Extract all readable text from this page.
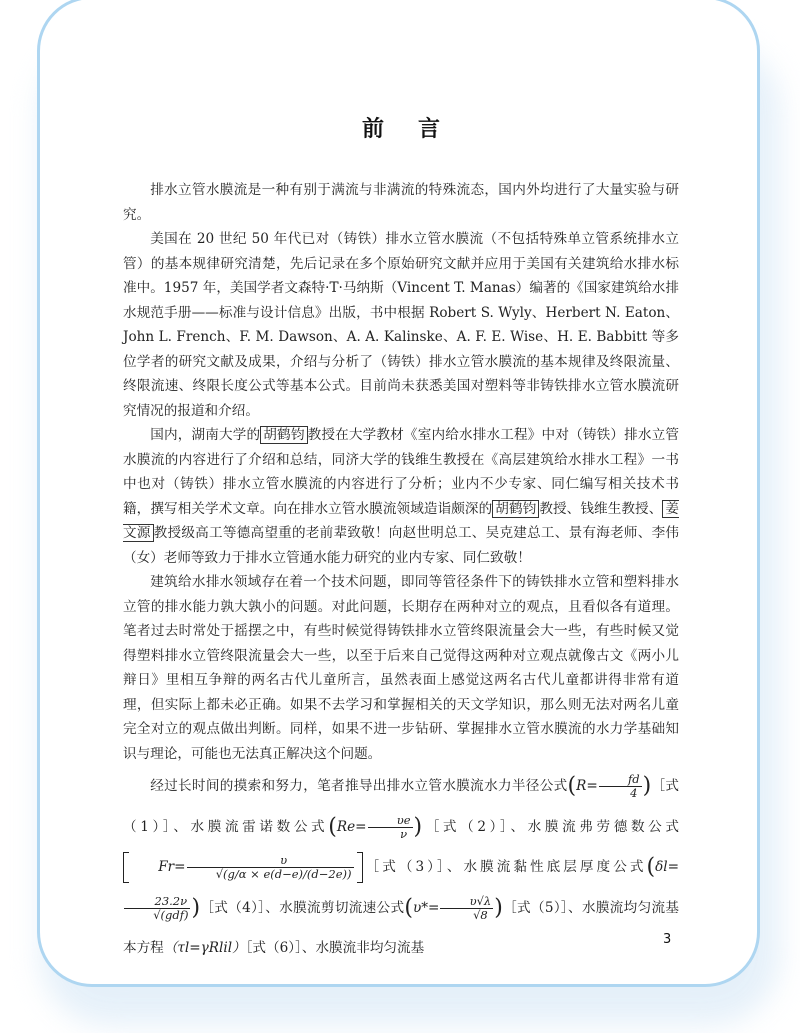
前言

排水立管水膜流是一种有别于满流与非满流的特殊流态，国内外均进行了大量实验与研究。

美国在 20 世纪 50 年代已对（铸铁）排水立管水膜流（不包括特殊单立管系统排水立管）的基本规律研究清楚，先后记录在多个原始研究文献并应用于美国有关建筑给水排水标准中。1957 年，美国学者文森特·T·马纳斯（Vincent T. Manas）编著的《国家建筑给水排水规范手册——标准与设计信息》出版，书中根据 Robert S. Wyly、Herbert N. Eaton、John L. French、F. M. Dawson、A. A. Kalinske、A. F. E. Wise、H. E. Babbitt 等多位学者的研究文献及成果，介绍与分析了（铸铁）排水立管水膜流的基本规律及终限流量、终限流速、终限长度公式等基本公式。目前尚未获悉美国对塑料等非铸铁排水立管水膜流研究情况的报道和介绍。

国内，湖南大学的 胡鹤钧 教授在大学教材《室内给水排水工程》中对（铸铁）排水立管水膜流的内容进行了介绍和总结，同济大学的钱维生教授在《高层建筑给水排水工程》一书中也对（铸铁）排水立管水膜流的内容进行了分析；业内不少专家、同仁编写相关技术书籍，撰写相关学术文章。向在排水立管水膜流领域造诣颇深的 胡鹤钧 教授、钱维生教授、 姜文源 教授级高工等德高望重的老前辈致敬！向赵世明总工、吴克建总工、景有海老师、李伟（女）老师等致力于排水立管通水能力研究的业内专家、同仁致敬！

建筑给水排水领域存在着一个技术问题，即同等管径条件下的铸铁排水立管和塑料排水立管的排水能力孰大孰小的问题。对此问题，长期存在两种对立的观点，且看似各有道理。笔者过去时常处于摇摆之中，有些时候觉得铸铁排水立管终限流量会大一些，有些时候又觉得塑料排水立管终限流量会大一些，以至于后来自己觉得这两种对立观点就像古文《两小儿辩日》里相互争辩的两名古代儿童所言，虽然表面上感觉这两名古代儿童都讲得非常有道理，但实际上都未必正确。如果不去学习和掌握相关的天文学知识，那么则无法对两名儿童完全对立的观点做出判断。同样，如果不进一步钻研、掌握排水立管水膜流的水力学基础知识与理论，可能也无法真正解决这个问题。

经过长时间的摸索和努力，笔者推导出排水立管水膜流水力半径公式($R= \frac{fd}{4}$ )［式（1）］、水膜流雷诺数公式($Re= \frac{\upsilon e}{\nu}$ )［式（2）］、水膜流弗劳德数公式
$Fr= \frac{\upsilon}{√(g/\alpha \times e(d-e)/(d-2e))}$ ［式（3）］、水膜流黏性底层厚度公式(δl=
$\frac{23.2\nu}{\text{√(gdf)}}$ )［式（4）］、水膜流剪切流速公式($\upsilon*= \frac{\upsilon√\lambda}{√8}$ )［式（5）］、水膜流均匀流基本方程（τl=γRlil）［式（6）］、水膜流非均匀流基

3
